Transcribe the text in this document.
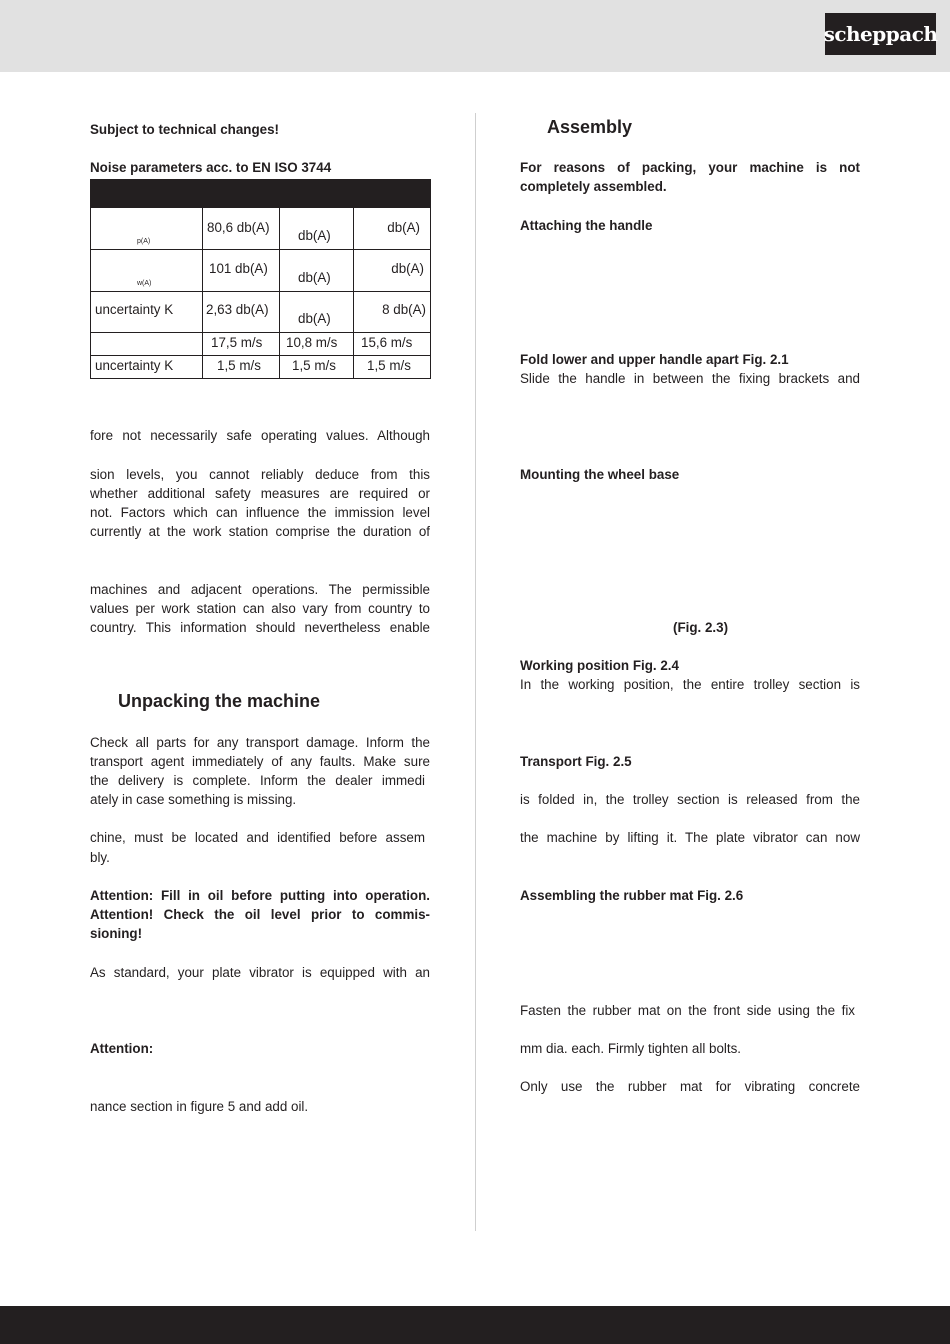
scheppach
Subject to technical changes!
Noise parameters acc. to EN ISO 3744

p(A)	80,6 db(A)	db(A)	db(A)

w(A)	101 db(A)	db(A)	db(A)

uncertainty K	2,63 db(A)	db(A)	8 db(A)

	17,5 m/s	10,8 m/s	15,6 m/s

uncertainty K	1,5 m/s	1,5 m/s	1,5 m/s
fore not necessarily safe operating values. Although
sion levels, you cannot reliably deduce from this
whether additional safety measures are required or
not. Factors which can influence the immission level
currently at the work station comprise the duration of
machines and adjacent operations. The permissible
values per work station can also vary from country to
country. This information should nevertheless enable
Unpacking the machine
Check all parts for any transport damage. Inform the
transport agent immediately of any faults. Make sure
the delivery is complete. Inform the dealer immedi
ately in case something is missing.
chine, must be located and identified before assem
bly.
Attention: Fill in oil before putting into operation.
Attention! Check the oil level prior to commis-
sioning!
As standard, your plate vibrator is equipped with an
Attention:
nance section in figure 5 and add oil.
Assembly
For reasons of packing, your machine is not
completely assembled.
Attaching the handle
Fold lower and upper handle apart Fig. 2.1
Slide the handle in between the fixing brackets and
Mounting the wheel base
(Fig. 2.3)
Working position Fig. 2.4
In the working position, the entire trolley section is
Transport Fig. 2.5
is folded in, the trolley section is released from the
the machine by lifting it. The plate vibrator can now
Assembling the rubber mat Fig. 2.6
Fasten the rubber mat on the front side using the fix
mm dia. each. Firmly tighten all bolts.
Only use the rubber mat for vibrating concrete
